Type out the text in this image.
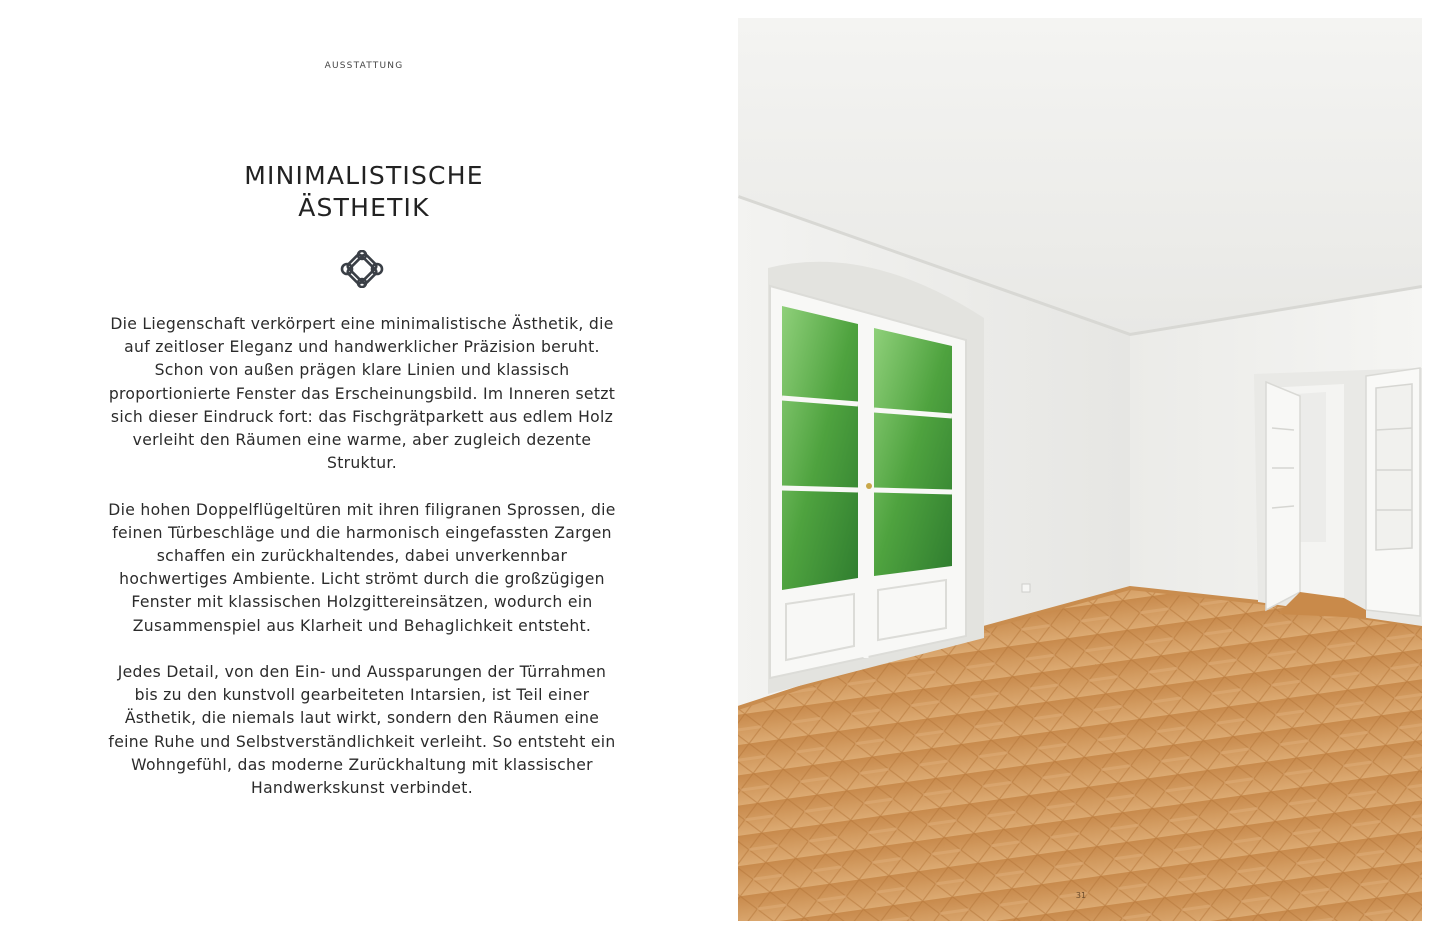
AUSSTATTUNG
MINIMALISTISCHE
ÄSTHETIK

Die Liegenschaft verkörpert eine minimalistische Ästhetik, die auf zeitloser Eleganz und handwerklicher Präzision beruht. Schon von außen prägen klare Linien und klassisch proportionierte Fenster das Erscheinungsbild. Im Inneren setzt sich dieser Eindruck fort: das Fischgrätparkett aus edlem Holz verleiht den Räumen eine warme, aber zugleich dezente Struktur.

Die hohen Doppelflügeltüren mit ihren filigranen Sprossen, die feinen Türbeschläge und die harmonisch eingefassten Zargen schaffen ein zurückhaltendes, dabei unverkennbar hochwertiges Ambiente. Licht strömt durch die großzügigen Fenster mit klassischen Holzgittereinsätzen, wodurch ein Zusammenspiel aus Klarheit und Behaglichkeit entsteht.

Jedes Detail, von den Ein- und Aussparungen der Türrahmen bis zu den kunstvoll gearbeiteten Intarsien, ist Teil einer Ästhetik, die niemals laut wirkt, sondern den Räumen eine feine Ruhe und Selbstverständlichkeit verleiht. So entsteht ein Wohngefühl, das moderne Zurückhaltung mit klassischer Handwerkskunst verbindet.

31
